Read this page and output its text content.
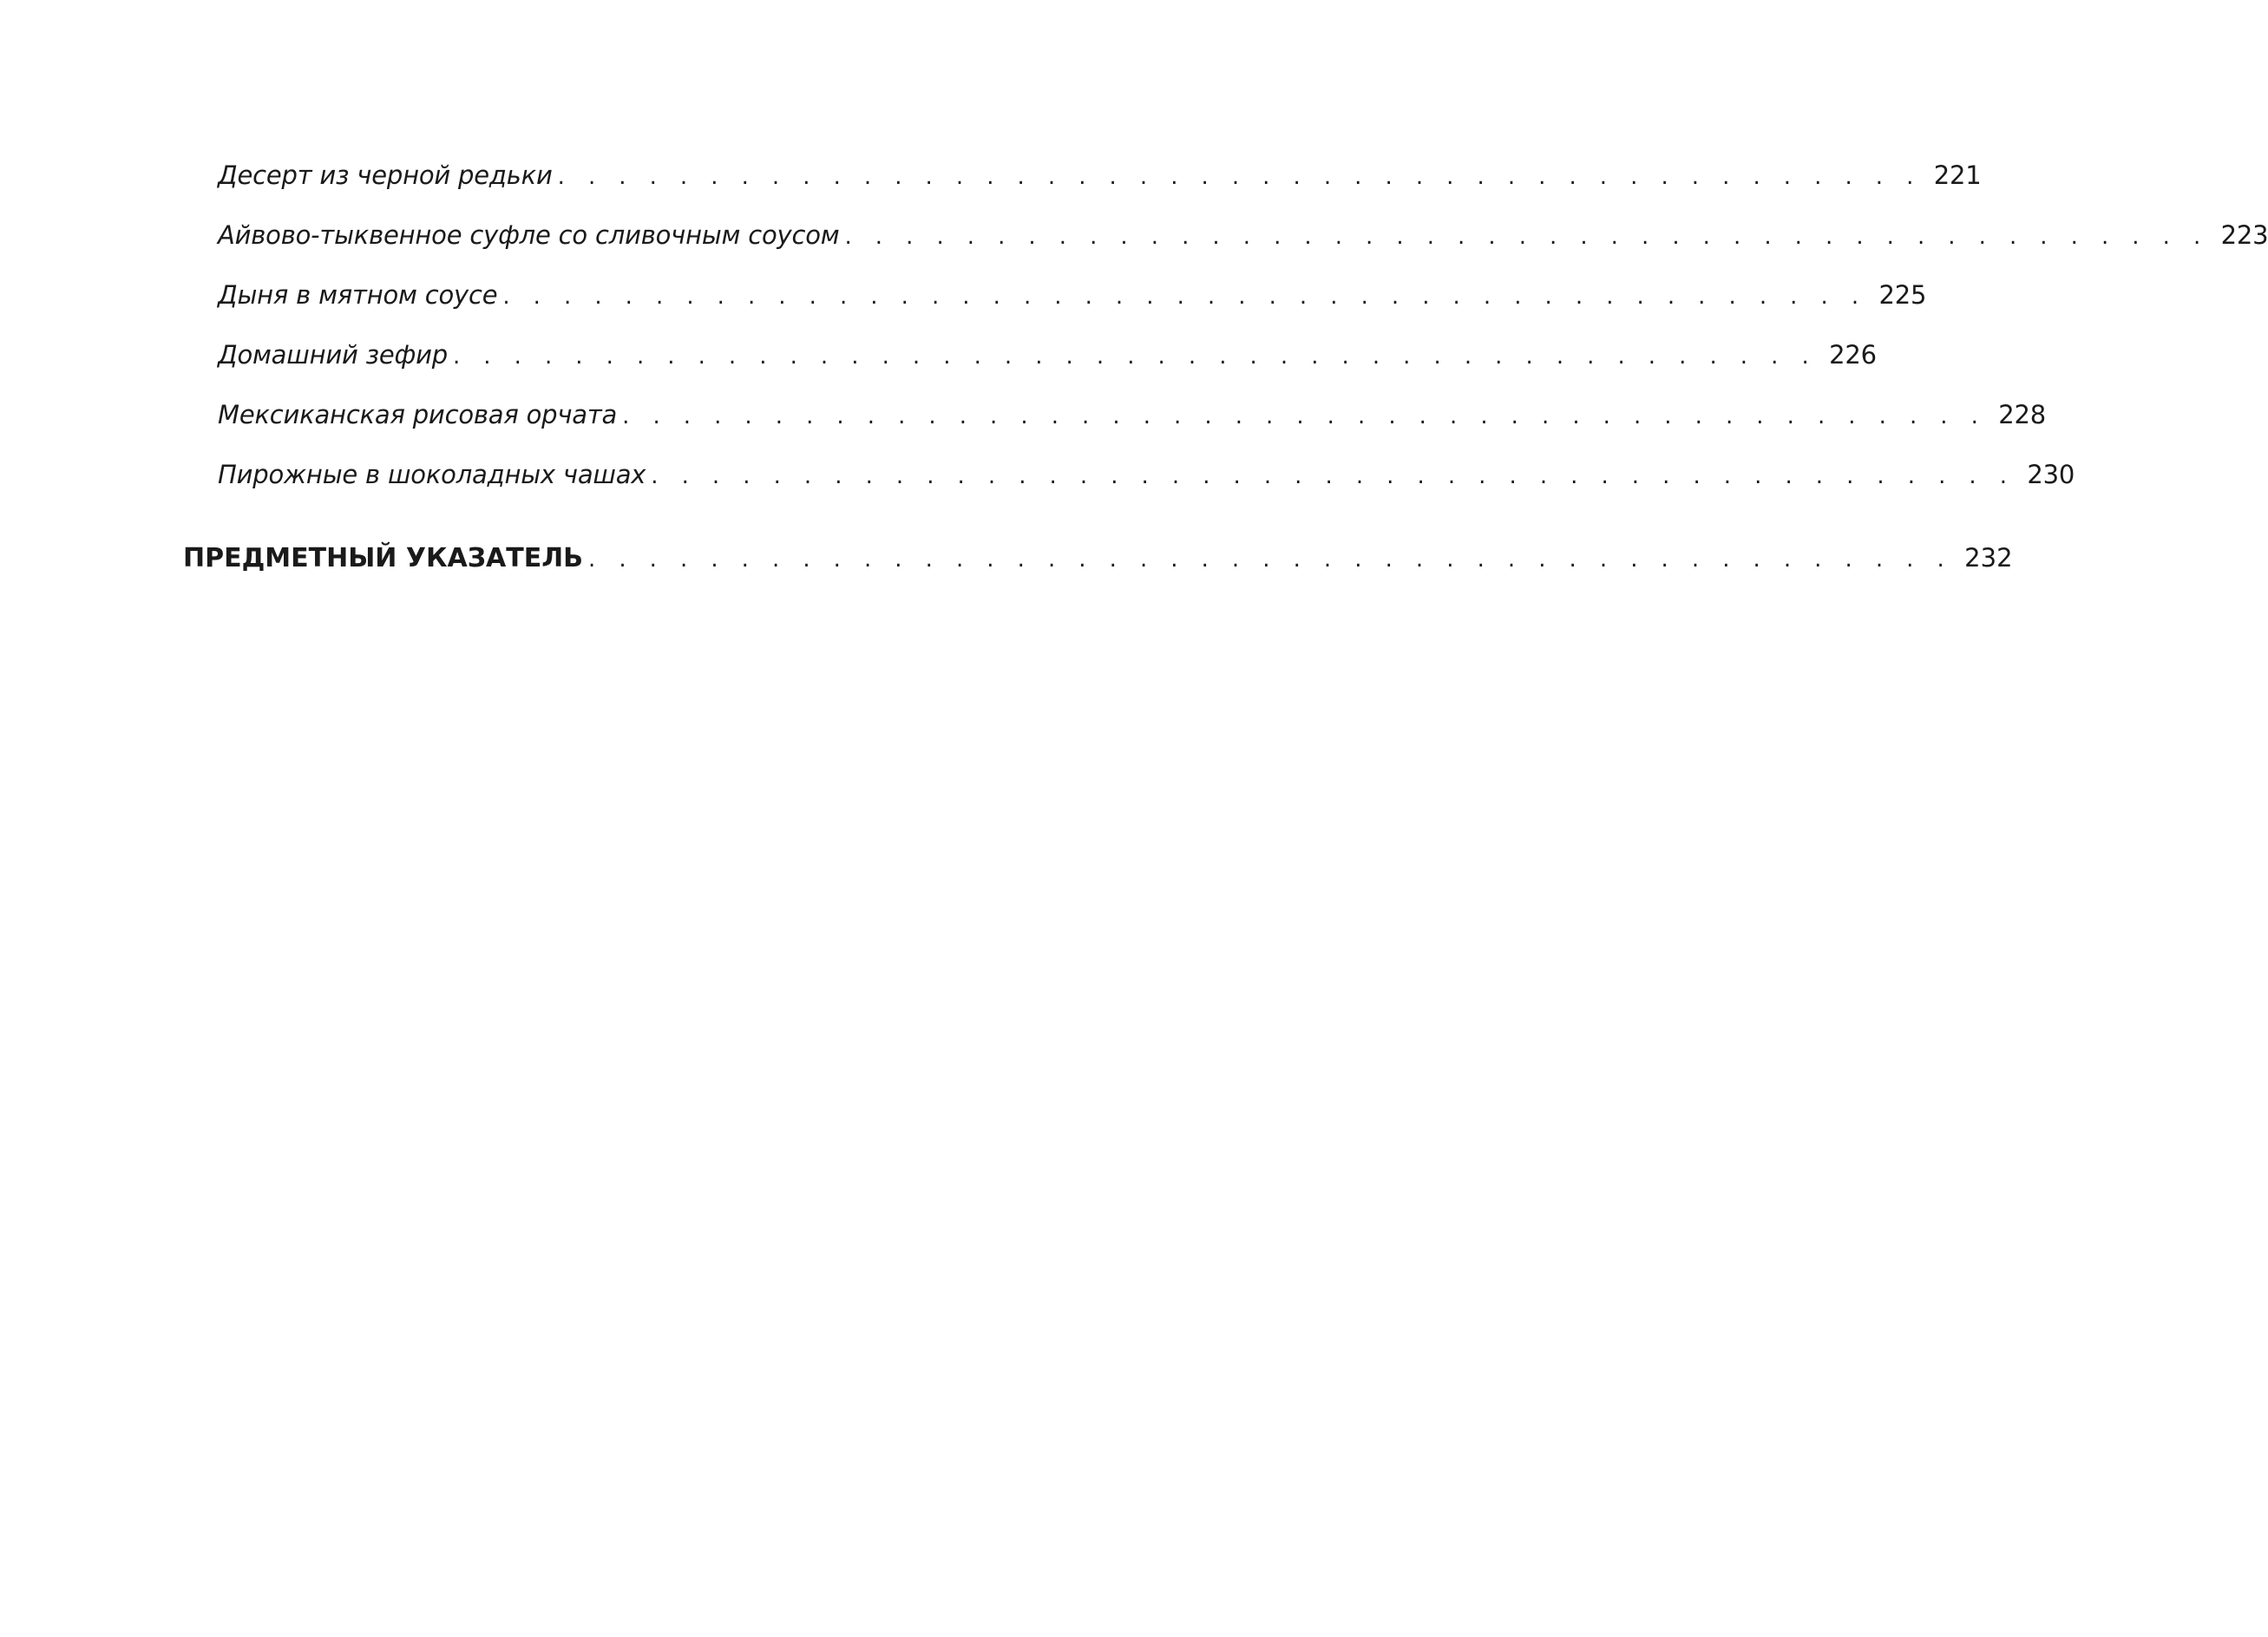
Десерт из черной редьки . . . . . . . . . . . . . . . . . . . . . . . . . . . . . . . . . . . . . . . . . . . . . 221
Айвово-тыквенное суфле со сливочным соусом . . . . . . . . . . . . . . . . . . . . . . . . . . . . . . . . . . . . . . . . . . . . . 223
Дыня в мятном соусе . . . . . . . . . . . . . . . . . . . . . . . . . . . . . . . . . . . . . . . . . . . . . 225
Домашний зефир . . . . . . . . . . . . . . . . . . . . . . . . . . . . . . . . . . . . . . . . . . . . . 226
Мексиканская рисовая орчата . . . . . . . . . . . . . . . . . . . . . . . . . . . . . . . . . . . . . . . . . . . . . 228
Пирожные в шоколадных чашах . . . . . . . . . . . . . . . . . . . . . . . . . . . . . . . . . . . . . . . . . . . . . 230
ПРЕДМЕТНЫЙ УКАЗАТЕЛЬ . . . . . . . . . . . . . . . . . . . . . . . . . . . . . . . . . . . . . . . . . . . . . 232
